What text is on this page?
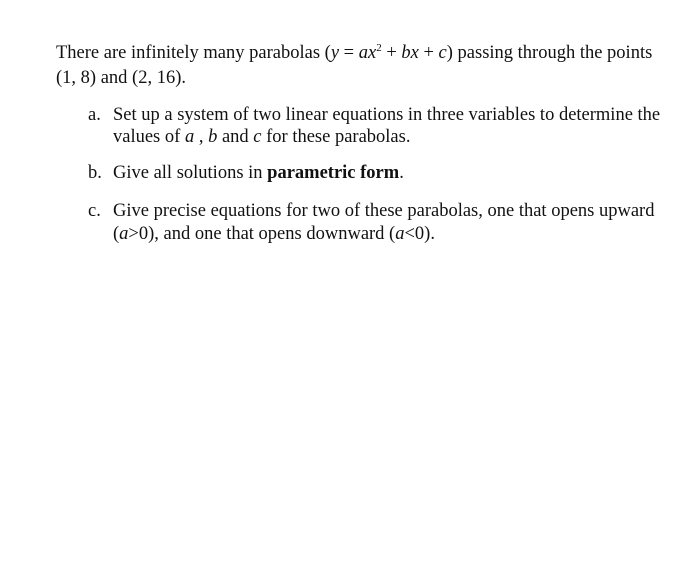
There are infinitely many parabolas ($y = ax^2$ + bx + c) passing through the points
(1, 8) and (2, 16).
a. Set up a system of two linear equations in three variables to determine the
values of a , b and c for these parabolas.
b. Give all solutions in parametric form.
c. Give precise equations for two of these parabolas, one that opens upward
(a>0), and one that opens downward (a<0).
